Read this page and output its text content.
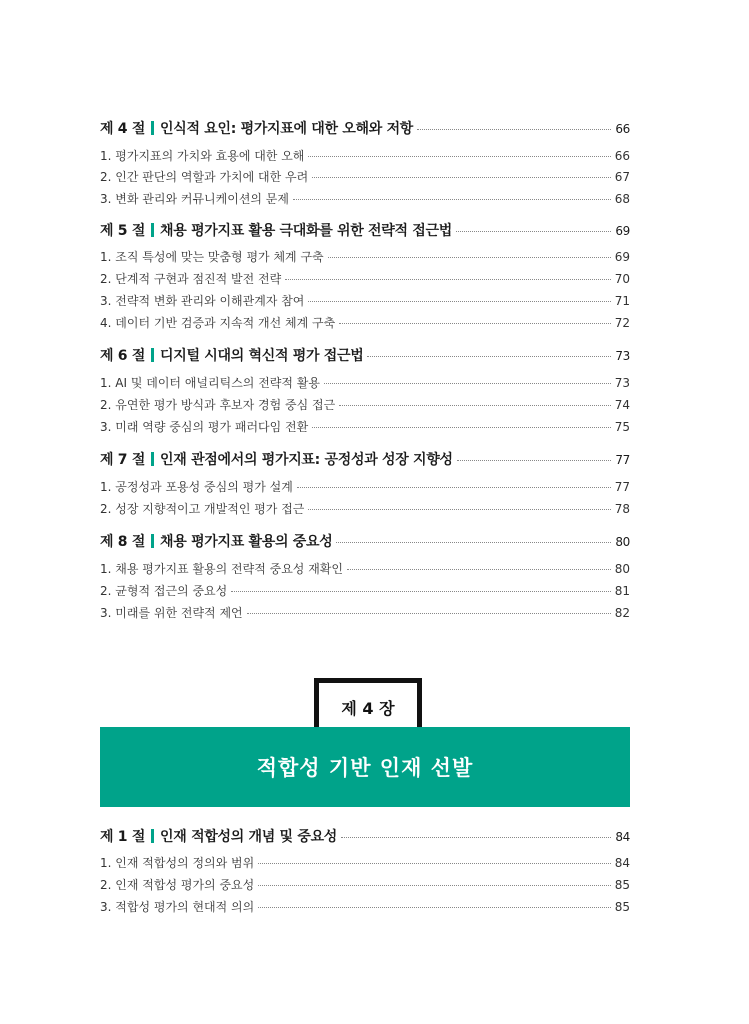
제 4 절 인식적 요인: 평가지표에 대한 오해와 저항	66
1. 평가지표의 가치와 효용에 대한 오해	66
2. 인간 판단의 역할과 가치에 대한 우려	67
3. 변화 관리와 커뮤니케이션의 문제	68
제 5 절 채용 평가지표 활용 극대화를 위한 전략적 접근법	69
1. 조직 특성에 맞는 맞춤형 평가 체계 구축	69
2. 단계적 구현과 점진적 발전 전략	70
3. 전략적 변화 관리와 이해관계자 참여	71
4. 데이터 기반 검증과 지속적 개선 체계 구축	72
제 6 절 디지털 시대의 혁신적 평가 접근법	73
1. AI 및 데이터 애널리틱스의 전략적 활용	73
2. 유연한 평가 방식과 후보자 경험 중심 접근	74
3. 미래 역량 중심의 평가 패러다임 전환	75
제 7 절 인재 관점에서의 평가지표: 공정성과 성장 지향성	77
1. 공정성과 포용성 중심의 평가 설계	77
2. 성장 지향적이고 개발적인 평가 접근	78
제 8 절 채용 평가지표 활용의 중요성	80
1. 채용 평가지표 활용의 전략적 중요성 재확인	80
2. 균형적 접근의 중요성	81
3. 미래를 위한 전략적 제언	82
제 4 장
적합성 기반 인재 선발
제 1 절 인재 적합성의 개념 및 중요성	84
1. 인재 적합성의 정의와 범위	84
2. 인재 적합성 평가의 중요성	85
3. 적합성 평가의 현대적 의의	85
